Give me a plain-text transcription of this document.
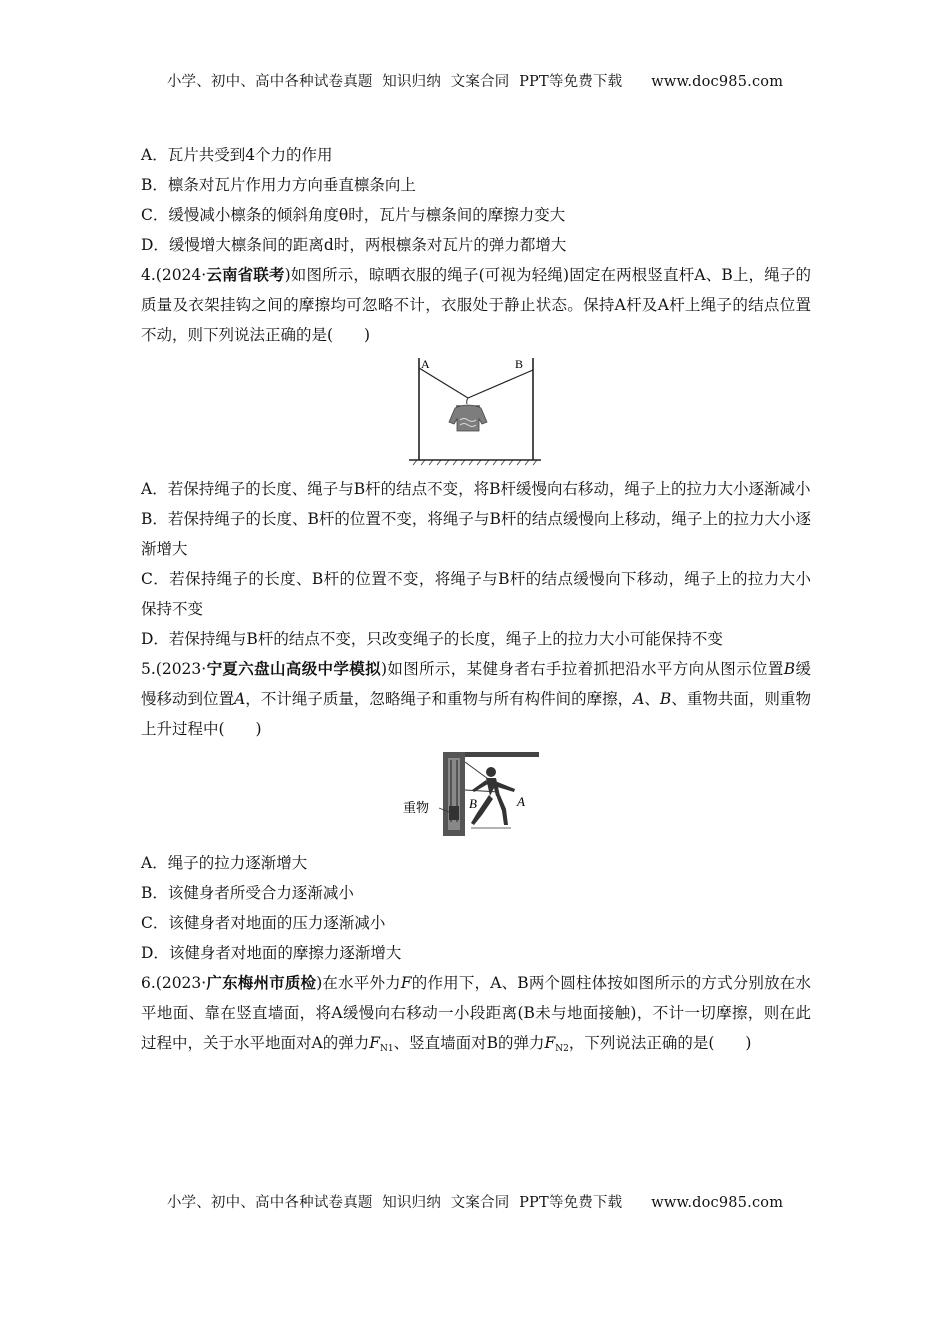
小学、初中、高中各种试卷真题  知识归纳  文案合同  PPT等免费下载      www.doc985.com

A．瓦片共受到4个力的作用

B．檩条对瓦片作用力方向垂直檩条向上

C．缓慢减小檩条的倾斜角度θ时，瓦片与檩条间的摩擦力变大

D．缓慢增大檩条间的距离d时，两根檩条对瓦片的弹力都增大

4.(2024·云南省联考)如图所示，晾晒衣服的绳子(可视为轻绳)固定在两根竖直杆A、B上，绳子的质量及衣架挂钩之间的摩擦均可忽略不计，衣服处于静止状态。保持A杆及A杆上绳子的结点位置不动，则下列说法正确的是(　　)

A	B

A．若保持绳子的长度、绳子与B杆的结点不变，将B杆缓慢向右移动，绳子上的拉力大小逐渐减小

B．若保持绳子的长度、B杆的位置不变，将绳子与B杆的结点缓慢向上移动，绳子上的拉力大小逐渐增大

C．若保持绳子的长度、B杆的位置不变，将绳子与B杆的结点缓慢向下移动，绳子上的拉力大小保持不变

D．若保持绳与B杆的结点不变，只改变绳子的长度，绳子上的拉力大小可能保持不变

5.(2023·宁夏六盘山高级中学模拟)如图所示，某健身者右手拉着抓把沿水平方向从图示位置B缓慢移动到位置A，不计绳子质量，忽略绳子和重物与所有构件间的摩擦，A、B、重物共面，则重物上升过程中(　　)

重物	B	A

A．绳子的拉力逐渐增大

B．该健身者所受合力逐渐减小

C．该健身者对地面的压力逐渐减小

D．该健身者对地面的摩擦力逐渐增大

6.(2023·广东梅州市质检)在水平外力F的作用下，A、B两个圆柱体按如图所示的方式分别放在水平地面、靠在竖直墙面，将A缓慢向右移动一小段距离(B未与地面接触)，不计一切摩擦，则在此过程中，关于水平地面对A的弹力$F_{N1}$、竖直墙面对B的弹力$F_{N2}$，下列说法正确的是(　　)

小学、初中、高中各种试卷真题  知识归纳  文案合同  PPT等免费下载      www.doc985.com
